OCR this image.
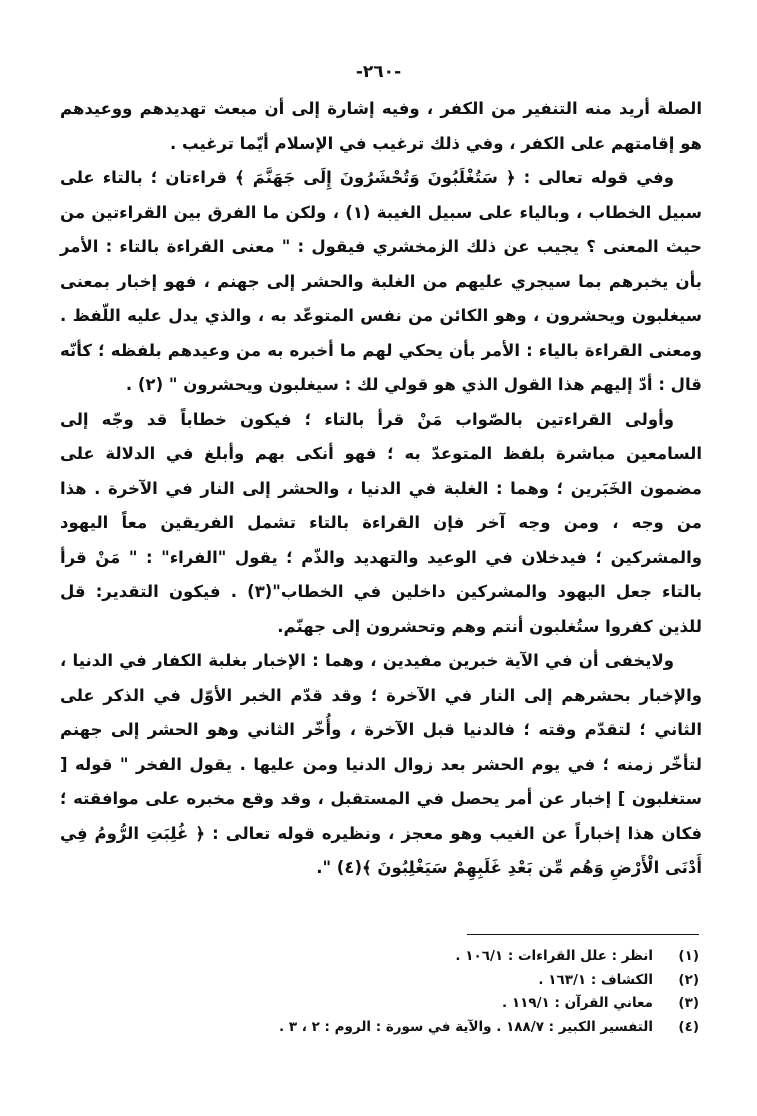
-٢٦٠-

الصلة أريد منه التنفير من الكفر ، وفيه إشارة إلى أن مبعث تهديدهم ووعيدهم هو إقامتهم على الكفر ، وفي ذلك ترغيب في الإسلام أيّما ترغيب .

وفي قوله تعالى : ﴿ سَتُغْلَبُونَ وَتُحْشَرُونَ إِلَى جَهَنَّمَ ﴾ قراءتان ؛ بالتاء على سبيل الخطاب ، وبالياء على سبيل الغيبة (١) ، ولكن ما الفرق بين القراءتين من حيث المعنى ؟ يجيب عن ذلك الزمخشري فيقول : " معنى القراءة بالتاء : الأمر بأن يخبرهم بما سيجري عليهم من الغلبة والحشر إلى جهنم ، فهو إخبار بمعنى سيغلبون ويحشرون ، وهو الكائن من نفس المتوعّد به ، والذي يدل عليه اللّفظ . ومعنى القراءة بالياء : الأمر بأن يحكي لهم ما أخبره به من وعيدهم بلفظه ؛ كأنّه قال : أدّ إليهم هذا القول الذي هو قولي لك : سيغلبون ويحشرون " (٢) .

وأولى القراءتين بالصّواب مَنْ قرأ بالتاء ؛ فيكون خطاباً قد وجّه إلى السامعين مباشرة بلفظ المتوعدّ به ؛ فهو أنكى بهم وأبلغ في الدلالة على مضمون الخَبَرين ؛ وهما : الغلبة في الدنيا ، والحشر إلى النار في الآخرة . هذا من وجه ، ومن وجه آخر فإن القراءة بالتاء تشمل الفريقين معاً اليهود والمشركين ؛ فيدخلان في الوعيد والتهديد والذّم ؛ يقول "الفراء" : " مَنْ قرأ بالتاء جعل اليهود والمشركين داخلين في الخطاب"(٣) . فيكون التقدير: قل للذين كفروا ستُغلبون أنتم وهم وتحشرون إلى جهنّم.

ولايخفى أن في الآية خبرين مفيدين ، وهما : الإخبار بغلبة الكفار في الدنيا ، والإخبار بحشرهم إلى النار في الآخرة ؛ وقد قدّم الخبر الأوّل في الذكر على الثاني ؛ لتقدّم وقته ؛ فالدنيا قبل الآخرة ، وأُخّر الثاني وهو الحشر إلى جهنم لتأخّر زمنه ؛ في يوم الحشر بعد زوال الدنيا ومن عليها . يقول الفخر " قوله [ ستغلبون ] إخبار عن أمر يحصل في المستقبل ، وقد وقع مخبره على موافقته ؛ فكان هذا إخباراً عن الغيب وهو معجز ، ونظيره قوله تعالى : ﴿ غُلِبَتِ الرُّومُ فِي أَدْنَى الْأَرْضِ وَهُم مِّن بَعْدِ غَلَبِهِمْ سَيَغْلِبُونَ ﴾(٤) ".

(١)
انظر : علل القراءات : ١٠٦/١ .
(٢)
الكشاف : ١٦٣/١ .
(٣)
معاني القرآن : ١١٩/١ .
(٤)
التفسير الكبير : ١٨٨/٧ . والآية في سورة : الروم : ٢ ، ٣ .
